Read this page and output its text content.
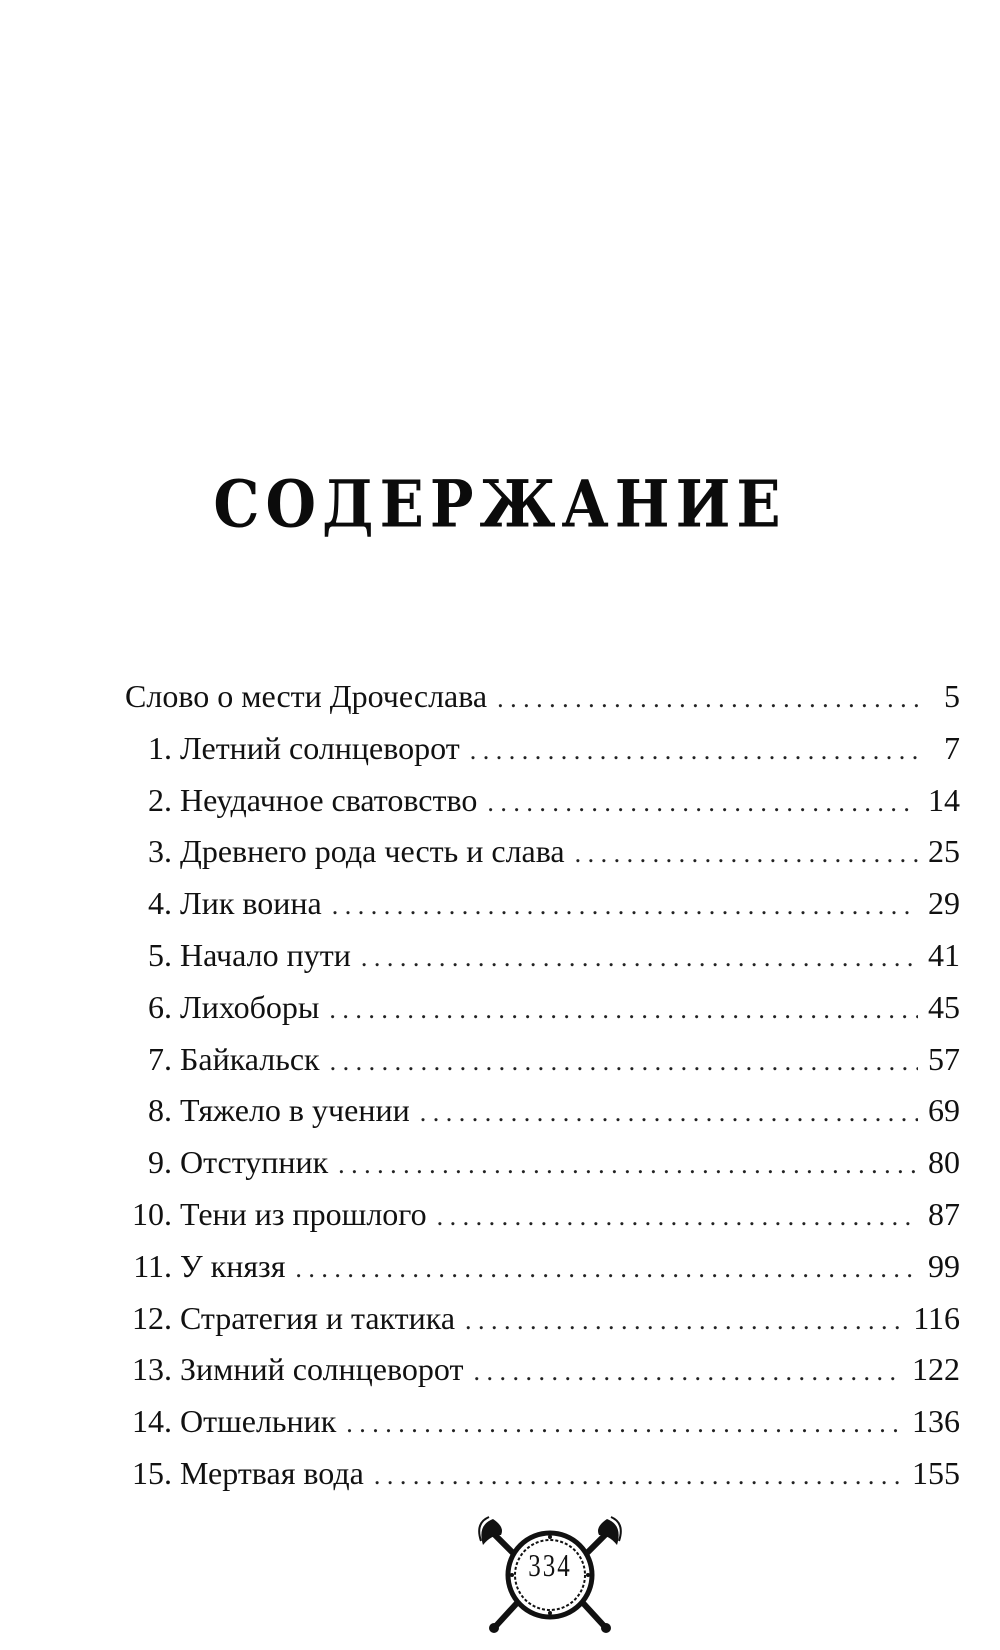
СОДЕРЖАНИЕ
Слово о мести Дрочеслава . . .	5
1. Летний солнцеворот . . .	7
2. Неудачное сватовство . . .	14
3. Древнего рода честь и слава . . .	25
4. Лик воина . . .	29
5. Начало пути . . .	41
6. Лихоборы . . .	45
7. Байкальск . . .	57
8. Тяжело в учении . . .	69
9. Отступник . . .	80
10. Тени из прошлого . . .	87
11. У князя . . .	99
12. Стратегия и тактика . . .	116
13. Зимний солнцеворот . . .	122
14. Отшельник . . .	136
15. Мертвая вода . . .	155
334
